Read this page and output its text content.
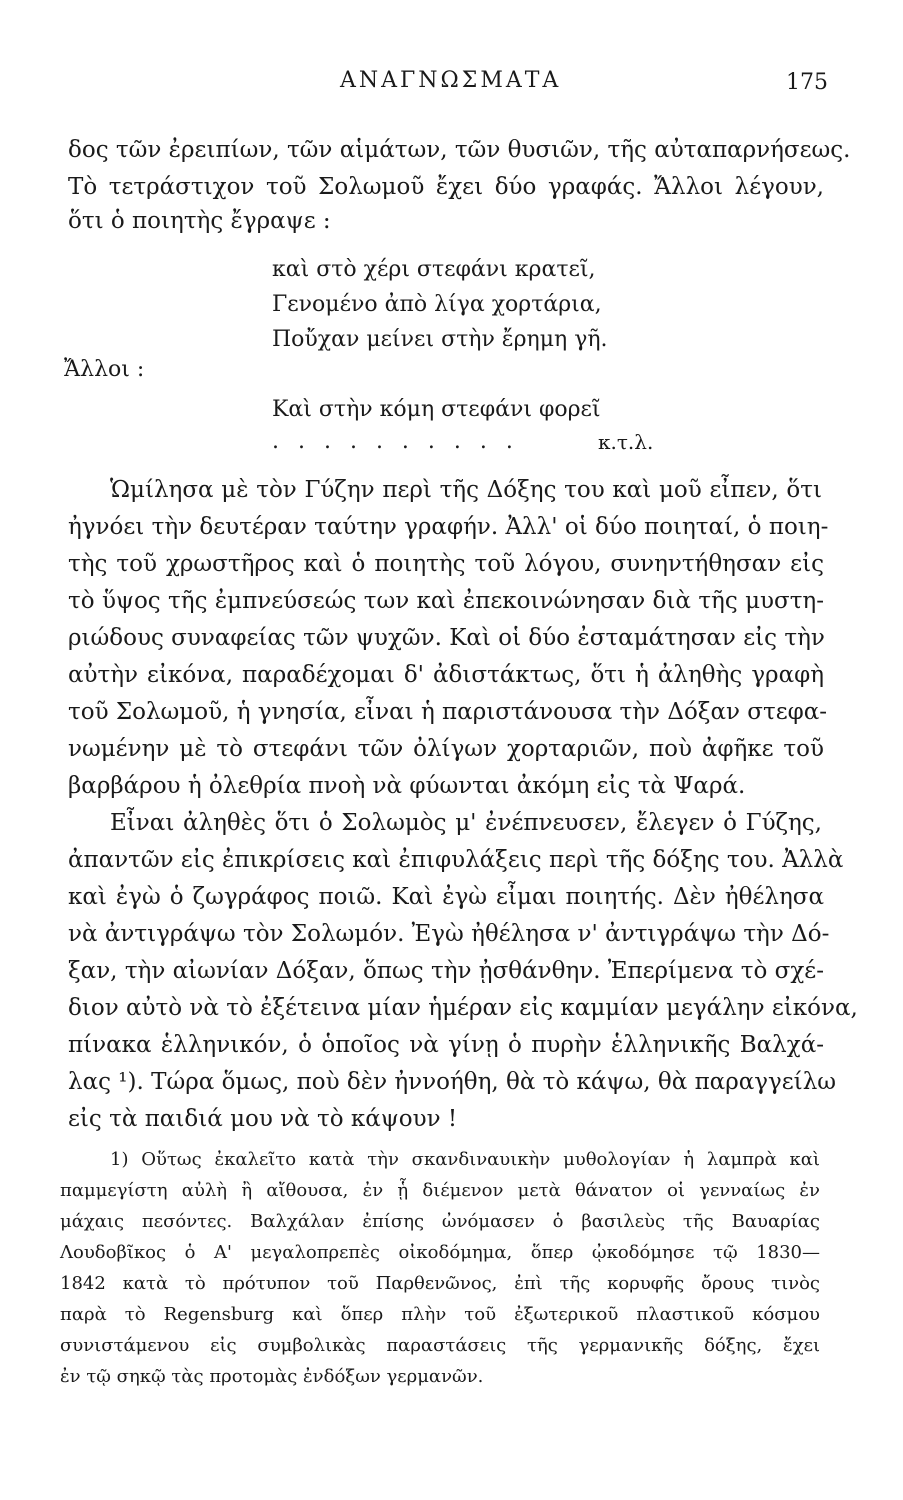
ΑΝΑΓΝΩΣΜΑΤΑ	175
δος τῶν ἐρειπίων, τῶν αἱμάτων, τῶν θυσιῶν, τῆς αὐταπαρνήσεως.
Τὸ τετράστιχον τοῦ Σολωμοῦ ἔχει δύο γραφάς. Ἄλλοι λέγουν,
ὅτι ὁ ποιητὴς ἔγραψε :
καὶ στὸ χέρι στεφάνι κρατεῖ,
Γενομένο ἀπὸ λίγα χορτάρια,
Ποὔχαν μείνει στὴν ἔρημη γῆ.
Ἄλλοι :
Καὶ στὴν κόμη στεφάνι φορεῖ
. . . . . . . . . .	κ.τ.λ.
Ὡμίλησα μὲ τὸν Γύζην περὶ τῆς Δόξης του καὶ μοῦ εἶπεν, ὅτι
ἠγνόει τὴν δευτέραν ταύτην γραφήν. Ἀλλ' οἱ δύο ποιηταί, ὁ ποιη-
τὴς τοῦ χρωστῆρος καὶ ὁ ποιητὴς τοῦ λόγου, συνηντήθησαν εἰς
τὸ ὕψος τῆς ἐμπνεύσεώς των καὶ ἐπεκοινώνησαν διὰ τῆς μυστη-
ριώδους συναφείας τῶν ψυχῶν. Καὶ οἱ δύο ἐσταμάτησαν εἰς τὴν
αὐτὴν εἰκόνα, παραδέχομαι δ' ἀδιστάκτως, ὅτι ἡ ἀληθὴς γραφὴ
τοῦ Σολωμοῦ, ἡ γνησία, εἶναι ἡ παριστάνουσα τὴν Δόξαν στεφα-
νωμένην μὲ τὸ στεφάνι τῶν ὀλίγων χορταριῶν, ποὺ ἀφῆκε τοῦ
βαρβάρου ἡ ὀλεθρία πνοὴ νὰ φύωνται ἀκόμη εἰς τὰ Ψαρά.
Εἶναι ἀληθὲς ὅτι ὁ Σολωμὸς μ' ἐνέπνευσεν, ἔλεγεν ὁ Γύζης,
ἀπαντῶν εἰς ἐπικρίσεις καὶ ἐπιφυλάξεις περὶ τῆς δόξης του. Ἀλλὰ
καὶ ἐγὼ ὁ ζωγράφος ποιῶ. Καὶ ἐγὼ εἶμαι ποιητής. Δὲν ἠθέλησα
νὰ ἀντιγράψω τὸν Σολωμόν. Ἐγὼ ἠθέλησα ν' ἀντιγράψω τὴν Δό-
ξαν, τὴν αἰωνίαν Δόξαν, ὅπως τὴν ᾐσθάνθην. Ἐπερίμενα τὸ σχέ-
διον αὐτὸ νὰ τὸ ἐξέτεινα μίαν ἡμέραν εἰς καμμίαν μεγάλην εἰκόνα,
πίνακα ἑλληνικόν, ὁ ὁποῖος νὰ γίνῃ ὁ πυρὴν ἑλληνικῆς Βαλχά-
λας ¹). Τώρα ὅμως, ποὺ δὲν ἠννοήθη, θὰ τὸ κάψω, θὰ παραγγείλω
εἰς τὰ παιδιά μου νὰ τὸ κάψουν !
1) Οὕτως ἐκαλεῖτο κατὰ τὴν σκανδιναυικὴν μυθολογίαν ἡ λαμπρὰ καὶ
παμμεγίστη αὐλὴ ἢ αἴθουσα, ἐν ᾗ διέμενον μετὰ θάνατον οἱ γενναίως ἐν
μάχαις πεσόντες. Βαλχάλαν ἐπίσης ὠνόμασεν ὁ βασιλεὺς τῆς Βαυαρίας
Λουδοβῖκος ὁ Α' μεγαλοπρεπὲς οἰκοδόμημα, ὅπερ ᾠκοδόμησε τῷ 1830—
1842 κατὰ τὸ πρότυπον τοῦ Παρθενῶνος, ἐπὶ τῆς κορυφῆς ὄρους τινὸς
παρὰ τὸ Regensburg καὶ ὅπερ πλὴν τοῦ ἐξωτερικοῦ πλαστικοῦ κόσμου
συνιστάμενου εἰς συμβολικὰς παραστάσεις τῆς γερμανικῆς δόξης, ἔχει
ἐν τῷ σηκῷ τὰς προτομὰς ἐνδόξων γερμανῶν.
